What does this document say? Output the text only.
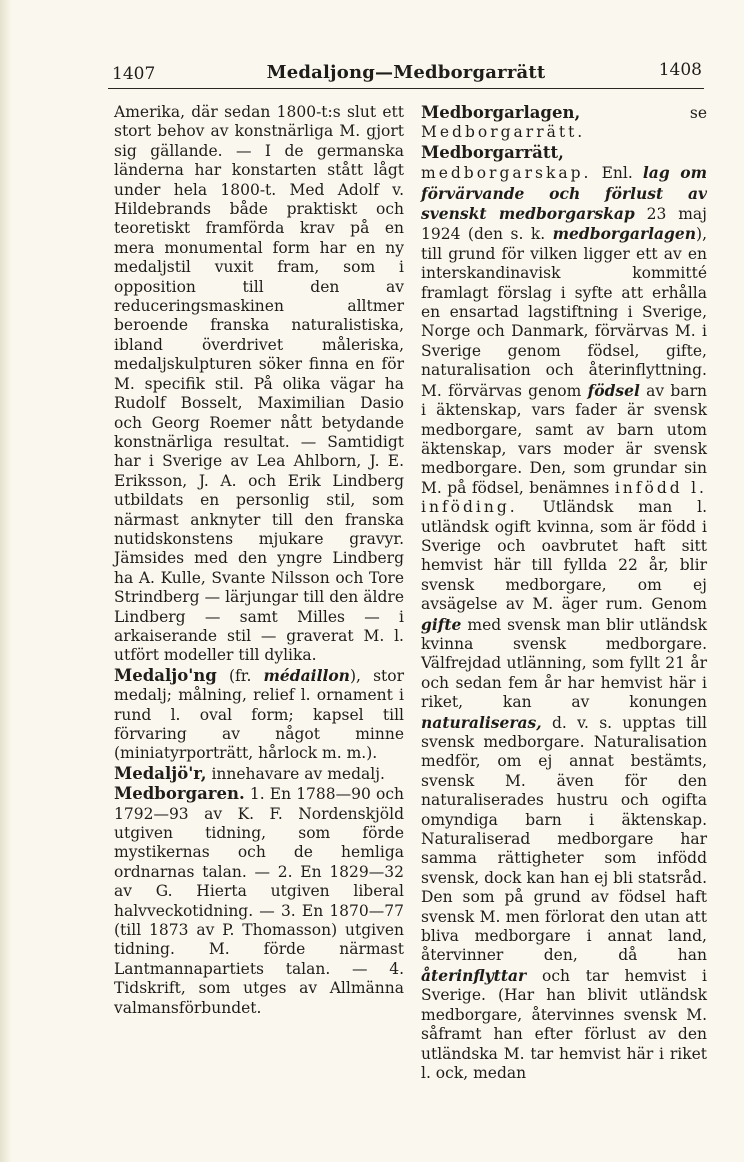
1407	Medaljong—Medborgarrätt	1408

Amerika, där sedan 1800-t:s slut ett stort behov av konstnärliga M. gjort sig gällande. — I de germanska länderna har konstarten stått lågt under hela 1800-t. Med Adolf v. Hildebrands både praktiskt och teoretiskt framförda krav på en mera monumental form har en ny medaljstil vuxit fram, som i opposition till den av reduceringsmaskinen alltmer beroende franska naturalistiska, ibland överdrivet måleriska, medaljskulpturen söker finna en för M. specifik stil. På olika vägar ha Rudolf Bosselt, Maximilian Dasio och Georg Roemer nått betydande konstnärliga resultat. — Samtidigt har i Sverige av Lea Ahlborn, J. E. Eriksson, J. A. och Erik Lindberg utbildats en personlig stil, som närmast anknyter till den franska nutidskonstens mjukare gravyr. Jämsides med den yngre Lindberg ha A. Kulle, Svante Nilsson och Tore Strindberg — lärjungar till den äldre Lindberg — samt Milles — i arkaiserande stil — graverat M. l. utfört modeller till dylika.

Medaljo'ng (fr. médaillon), stor medalj; målning, relief l. ornament i rund l. oval form; kapsel till förvaring av något minne (miniatyrporträtt, hårlock m. m.).

Medaljö'r, innehavare av medalj.

Medborgaren. 1. En 1788—90 och 1792—93 av K. F. Nordenskjöld utgiven tidning, som förde mystikernas och de hemliga ordnarnas talan. — 2. En 1829—32 av G. Hierta utgiven liberal halvveckotidning. — 3. En 1870—77 (till 1873 av P. Thomasson) utgiven tidning. M. förde närmast Lantmannapartiets talan. — 4. Tidskrift, som utges av Allmänna valmansförbundet.

Medborgarlagen, se Medborgarrätt.

Medborgarrätt, medborgarskap. Enl. lag om förvärvande och förlust av svenskt medborgarskap 23 maj 1924 (den s. k. medborgarlagen), till grund för vilken ligger ett av en interskandinavisk kommitté framlagt förslag i syfte att erhålla en ensartad lagstiftning i Sverige, Norge och Danmark, förvärvas M. i Sverige genom födsel, gifte, naturalisation och återinflyttning. M. förvärvas genom födsel av barn i äktenskap, vars fader är svensk medborgare, samt av barn utom äktenskap, vars moder är svensk medborgare. Den, som grundar sin M. på födsel, benämnes infödd l. inföding. Utländsk man l. utländsk ogift kvinna, som är född i Sverige och oavbrutet haft sitt hemvist här till fyllda 22 år, blir svensk medborgare, om ej avsägelse av M. äger rum. Genom gifte med svensk man blir utländsk kvinna svensk medborgare. Välfrejdad utlänning, som fyllt 21 år och sedan fem år har hemvist här i riket, kan av konungen naturaliseras, d. v. s. upptas till svensk medborgare. Naturalisation medför, om ej annat bestämts, svensk M. även för den naturaliserades hustru och ogifta omyndiga barn i äktenskap. Naturaliserad medborgare har samma rättigheter som infödd svensk, dock kan han ej bli statsråd. Den som på grund av födsel haft svensk M. men förlorat den utan att bliva medborgare i annat land, återvinner den, då han återinflyttar och tar hemvist i Sverige. (Har han blivit utländsk medborgare, återvinnes svensk M. såframt han efter förlust av den utländska M. tar hemvist här i riket l. ock, medan
